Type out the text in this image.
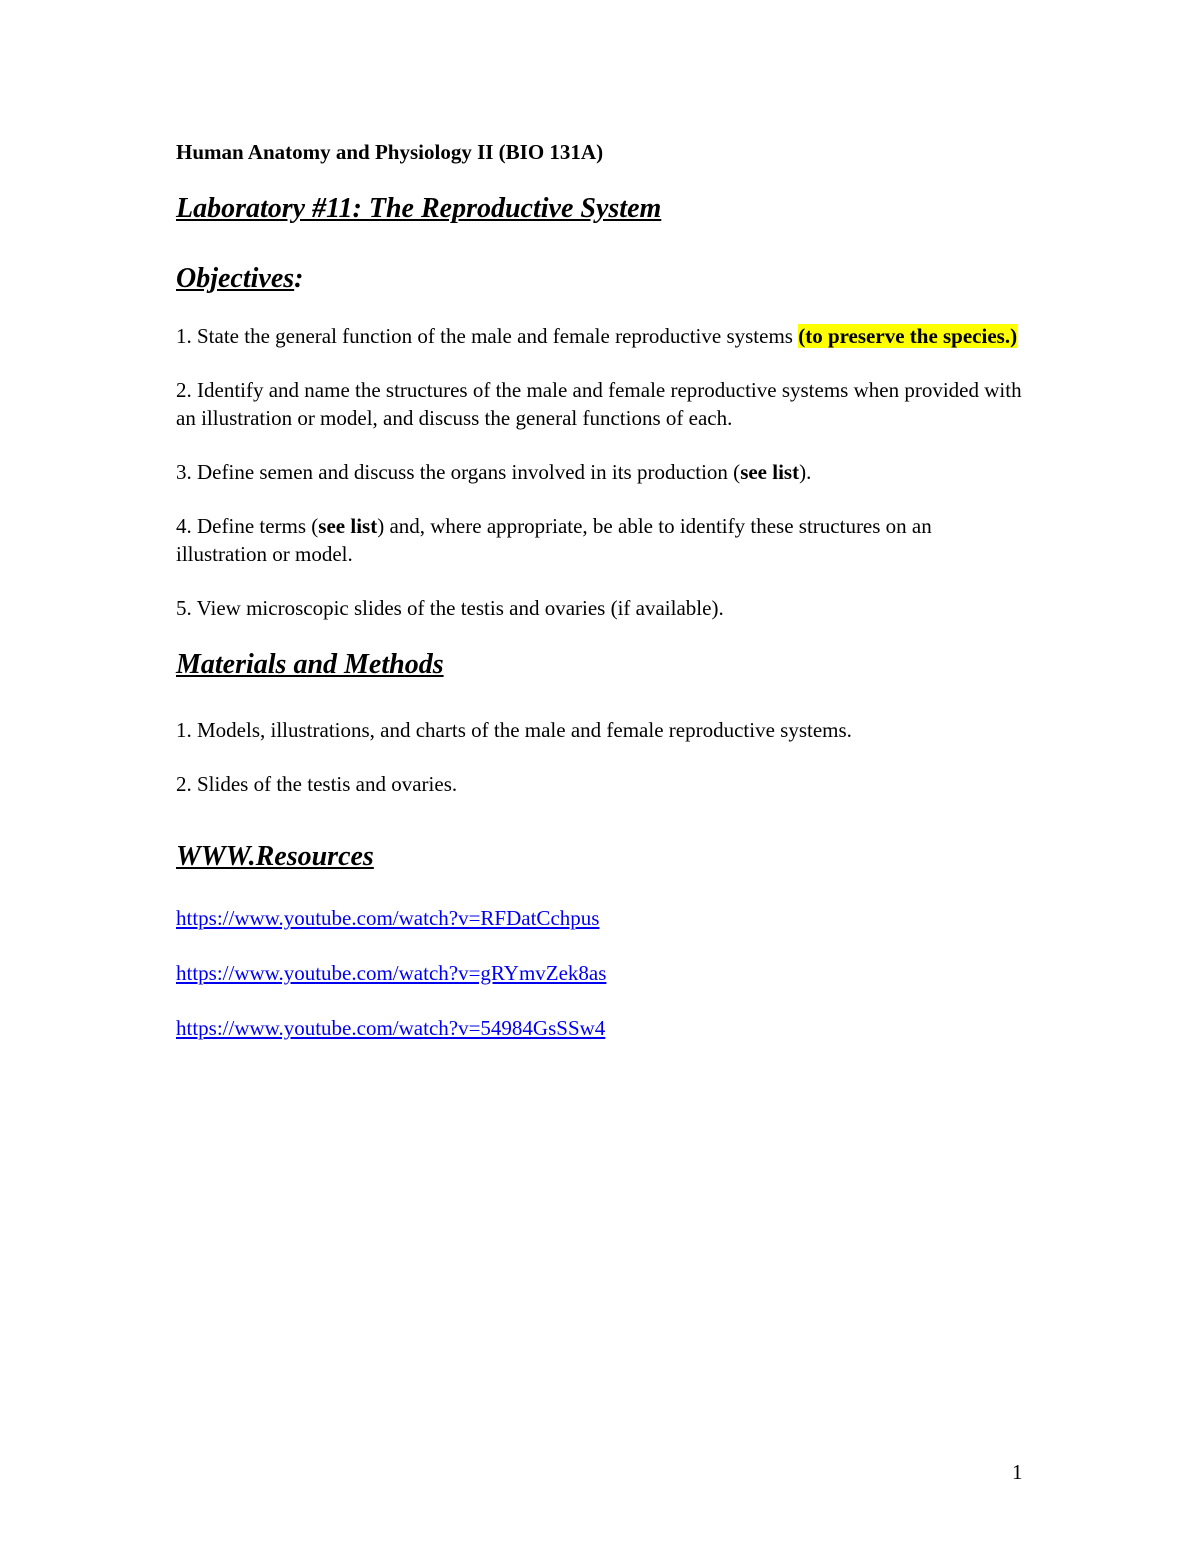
Human Anatomy and Physiology II (BIO 131A)
Laboratory #11: The Reproductive System
Objectives:
1. State the general function of the male and female reproductive systems (to preserve the species.)
2. Identify and name the structures of the male and female reproductive systems when provided with an illustration or model, and discuss the general functions of each.
3. Define semen and discuss the organs involved in its production (see list).
4. Define terms (see list) and, where appropriate, be able to identify these structures on an illustration or model.
5. View microscopic slides of the testis and ovaries (if available).
Materials and Methods
1. Models, illustrations, and charts of the male and female reproductive systems.
2. Slides of the testis and ovaries.
WWW.Resources
https://www.youtube.com/watch?v=RFDatCchpus
https://www.youtube.com/watch?v=gRYmvZek8as
https://www.youtube.com/watch?v=54984GsSSw4
1
